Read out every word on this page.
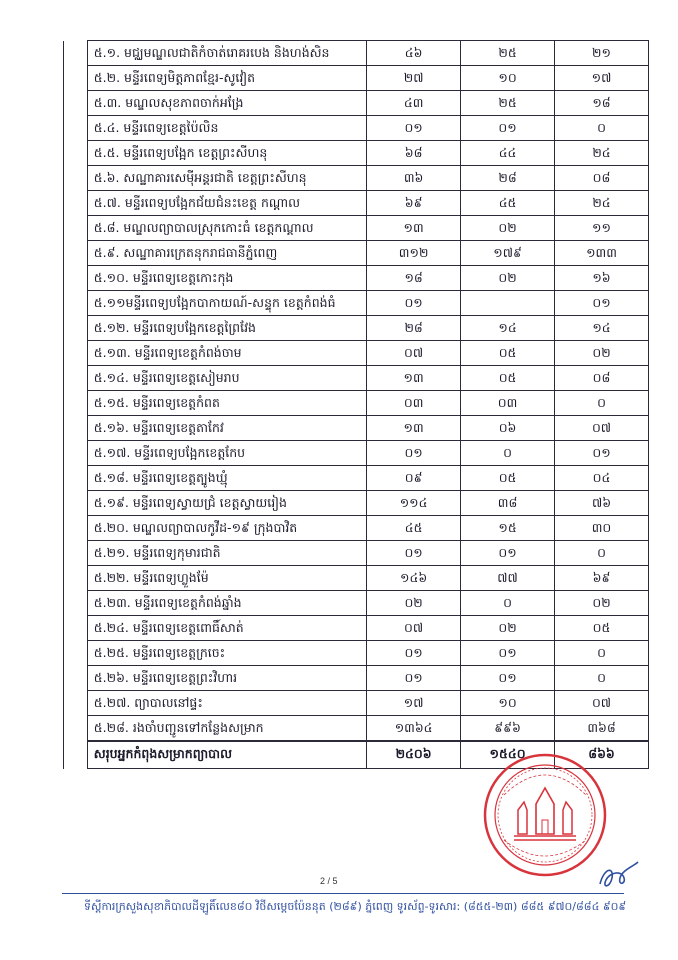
	៥.១. មជ្ឈមណ្ឌលជាតិកំចាត់រោគរបេង និងហង់សិន	៤៦	២៥	២១
	៥.២. មន្ទីរពេទ្យមិត្តភាពខ្មែរ-សូវៀត	២៧	១០	១៧
	៥.៣. មណ្ឌលសុខភាពចាក់អង្រែ	៤៣	២៥	១៨
	៥.៤. មន្ទីរពេទ្យខេត្តប៉ៃលិន	០១	០១	០
	៥.៥. មន្ទីរពេទ្យបង្អែក ខេត្តព្រះសីហនុ	៦៨	៤៤	២៤
	៥.៦. សណ្ឋាគារសេម៉ីអន្តរជាតិ ខេត្តព្រះសីហនុ	៣៦	២៨	០៨
	៥.៧. មន្ទីរពេទ្យបង្អែកជ័យជំនះខេត្ត កណ្ដាល	៦៩	៤៥	២៤
	៥.៨. មណ្ឌលព្យាបាលស្រុកកោះធំ ខេត្តកណ្ដាល	១៣	០២	១១
	៥.៩. សណ្ឋាគារក្រេតនុករាជធានីភ្នំពេញ	៣១២	១៧៩	១៣៣
	៥.១០. មន្ទីរពេទ្យខេត្តកោះកុង	១៨	០២	១៦
	៥.១១មន្ទីរពេទ្យបង្អែកបាកាយណ៍-សន្ទុក ខេត្តកំពង់ធំ	០១		០១
	៥.១២. មន្ទីរពេទ្យបង្អែកខេត្តព្រៃវែង	២៨	១៤	១៤
	៥.១៣. មន្ទីរពេទ្យខេត្តកំពង់ចាម	០៧	០៥	០២
	៥.១៤. មន្ទីរពេទ្យខេត្តសៀមរាប	១៣	០៥	០៨
	៥.១៥. មន្ទីរពេទ្យខេត្តកំពត	០៣	០៣	០
	៥.១៦. មន្ទីរពេទ្យខេត្តតាកែវ	១៣	០៦	០៧
	៥.១៧. មន្ទីរពេទ្យបង្អែកខេត្តកែប	០១	០	០១
	៥.១៨. មន្ទីរពេទ្យខេត្តត្បូងឃ្មុំ	០៩	០៥	០៤
	៥.១៩. មន្ទីរពេទ្យស្វាយជ្រំ ខេត្តស្វាយរៀង	១១៤	៣៨	៧៦
	៥.២០. មណ្ឌលព្យាបាលកូវីដ-១៩ ក្រុងបាវិត	៤៥	១៥	៣០
	៥.២១. មន្ទីរពេទ្យកុមារជាតិ	០១	០១	០
	៥.២២. មន្ទីរពេទ្យហ្លួងម៉ែ	១៤៦	៧៧	៦៩
	៥.២៣. មន្ទីរពេទ្យខេត្តកំពង់ឆ្នាំង	០២	០	០២
	៥.២៤. មន្ទីរពេទ្យខេត្តពោធិ៍សាត់	០៧	០២	០៥
	៥.២៥. មន្ទីរពេទ្យខេត្តក្រចេះ	០១	០១	០
	៥.២៦. មន្ទីរពេទ្យខេត្តព្រះវិហារ	០១	០១	០
	៥.២៧. ព្យាបាលនៅផ្ទះ	១៧	១០	០៧
	៥.២៨. រងចាំបញ្ជូនទៅកន្លែងសម្រាក	១៣៦៤	៩៩៦	៣៦៨
	សរុបអ្នកកំពុងសម្រាកព្យាបាល	២៤០៦	១៥៤០	៨៦៦
2 / 5
ទីស្តីការក្រសួងសុខាភិបាលដីឡូតិ៍លេខ៨០ វិថីសម្តេចប៉ែននុត (២៨៩) ភ្នំពេញ ទូរស័ព្ទ-ទូរសារ: (៨៥៥-២៣) ៨៨៥ ៩៧០/៨៨៤ ៩០៩
